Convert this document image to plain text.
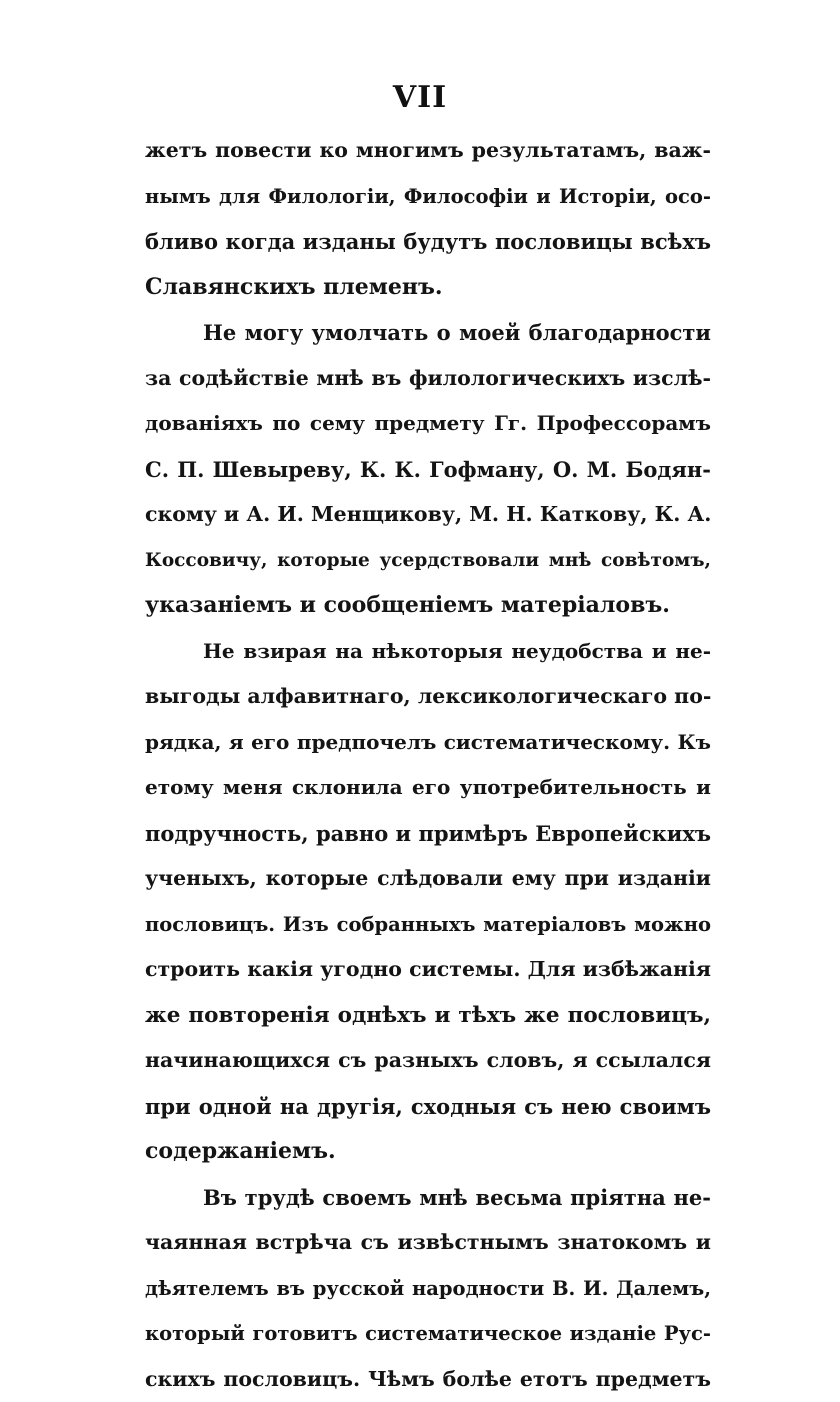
VII
жетъ повести ко многимъ результатамъ, важ-
нымъ для Филологіи, Философіи и Исторіи, осо-
бливо когда изданы будутъ пословицы всѣхъ
Славянскихъ племенъ.
Не могу умолчать о моей благодарности
за содѣйствіе мнѣ въ филологическихъ изслѣ-
дованіяхъ по сему предмету Гг. Профессорамъ
С. П. Шевыреву, К. К. Гофману, О. М. Бодян-
скому и А. И. Менщикову, М. Н. Каткову, К. А.
Коссовичу, которые усердствовали мнѣ совѣтомъ,
указаніемъ и сообщеніемъ матеріаловъ.
Не взирая на нѣкоторыя неудобства и не-
выгоды алфавитнаго, лексикологическаго по-
рядка, я его предпочелъ систематическому. Къ
етому меня склонила его употребительность и
подручность, равно и примѣръ Европейскихъ
ученыхъ, которые слѣдовали ему при изданіи
пословицъ. Изъ собранныхъ матеріаловъ можно
строить какія угодно системы. Для избѣжанія
же повторенія однѣхъ и тѣхъ же пословицъ,
начинающихся съ разныхъ словъ, я ссылался
при одной на другія, сходныя съ нею своимъ
содержаніемъ.
Въ трудѣ своемъ мнѣ весьма пріятна не-
чаянная встрѣча съ извѣстнымъ знатокомъ и
дѣятелемъ въ русской народности В. И. Далемъ,
который готовитъ систематическое изданіе Рус-
скихъ пословицъ. Чѣмъ болѣе етотъ предметъ
